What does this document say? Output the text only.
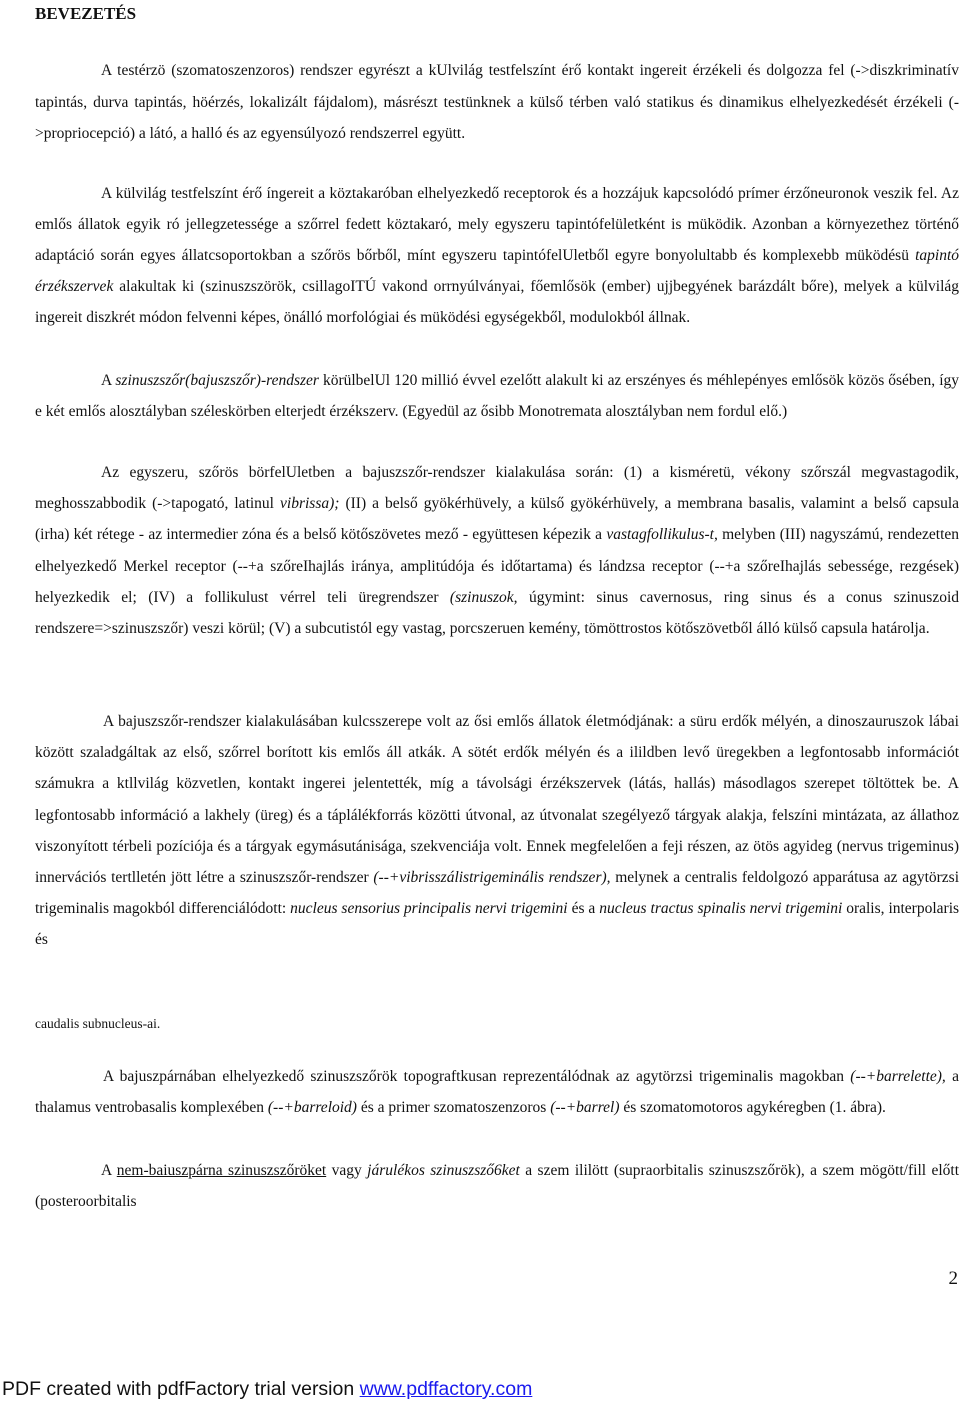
BEVEZETÉS

A testérzö (szomatoszenzoros) rendszer egyrészt a kUlvilág testfelszínt érő kontakt ingereit érzékeli és dolgozza fel (->diszkriminatív tapintás, durva tapintás, höérzés, lokalizált fájdalom), másrészt testünknek a külső térben való statikus és dinamikus elhelyezkedését érzékeli (->propriocepció) a látó, a halló és az egyensúlyozó rendszerrel együtt.

A külvilág testfelszínt érő íngereit a köztakaróban elhelyezkedő receptorok és a hozzájuk kapcsolódó prímer érzőneuronok veszik fel. Az emlős állatok egyik ró jellegzetessége a szőrrel fedett köztakaró, mely egyszeru tapintófelületként is müködik. Azonban a környezethez történő adaptáció során egyes állatcsoportokban a szőrös bőrből, mínt egyszeru tapintófelUletből egyre bonyolultabb és komplexebb müködésü tapintó érzékszervek alakultak ki (szinuszszörök, csillagoITÚ vakond orrnyúlványai, főemlősök (ember) ujjbegyének barázdált bőre), melyek a külvilág ingereit diszkrét módon felvenni képes, önálló morfológiai és müködési egységekből, modulokból állnak.

A szinuszszőr(bajuszszőr)-rendszer körülbelUl 120 millió évvel ezelőtt alakult ki az erszényes és méhlepényes emlősök közös ősében, így e két emlős alosztályban széleskörben elterjedt érzékszerv. (Egyedül az ősibb Monotremata alosztályban nem fordul elő.)

Az egyszeru, szőrös börfelUletben a bajuszszőr-rendszer kialakulása során: (1) a kisméretü, vékony szőrszál megvastagodik, meghosszabbodik (->tapogató, latinul vibrissa); (II) a belső gyökérhüvely, a külső gyökérhüvely, a membrana basalis, valamint a belső capsula (irha) két rétege - az intermedier zóna és a belső kötőszövetes mező - együttesen képezik a vastagfollikulus-t, melyben (III) nagyszámú, rendezetten elhelyezkedő Merkel receptor (--+a szőreIhajlás iránya, amplitúdója és időtartama) és lándzsa receptor (--+a szőreIhajlás sebessége, rezgések) helyezkedik el; (IV) a follikulust vérrel teli üregrendszer (szinuszok, úgymint: sinus cavernosus, ring sinus és a conus szinuszoid rendszere=>szinuszszőr) veszi körül; (V) a subcutistól egy vastag, porcszeruen kemény, tömöttrostos kötőszövetből álló külső capsula határolja.

A bajuszszőr-rendszer kialakulásában kulcsszerepe volt az ősi emlős állatok életmódjának: a süru erdők mélyén, a dinoszauruszok lábai között szaladgáltak az első, szőrrel borított kis emlős áll atkák. A sötét erdők mélyén és a ilildben levő üregekben a legfontosabb információt számukra a ktllvilág közvetlen, kontakt ingerei jelentették, míg a távolsági érzékszervek (látás, hallás) másodlagos szerepet töltöttek be. A legfontosabb információ a lakhely (üreg) és a táplálékforrás közötti útvonal, az útvonalat szegélyező tárgyak alakja, felszíni mintázata, az állathoz viszonyított térbeli pozíciója és a tárgyak egymásutánisága, szekvenciája volt. Ennek megfelelően a feji részen, az ötös agyideg (nervus trigeminus) innervációs tertlletén jött létre a szinuszszőr-rendszer (--+vibrisszálistrigeminális rendszer), melynek a centralis feldolgozó apparátusa az agytörzsi trigeminalis magokból differenciálódott: nucleus sensorius principalis nervi trigemini és a nucleus tractus spinalis nervi trigemini oralis, interpolaris és

caudalis subnucleus-ai.

A bajuszpárnában elhelyezkedő szinuszszőrök topograftkusan reprezentálódnak az agytörzsi trigeminalis magokban (--+barrelette), a thalamus ventrobasalis komplexében (--+barreloid) és a primer szomatoszenzoros (--+barrel) és szomatomotoros agykéregben (1. ábra).

A nem-baiuszpárna szinuszszőröket vagy járulékos szinuszsző6ket a szem ililött (supraorbitalis szinuszszőrök), a szem mögött/fill előtt (posteroorbitalis

2
PDF created with pdfFactory trial version www.pdffactory.com
